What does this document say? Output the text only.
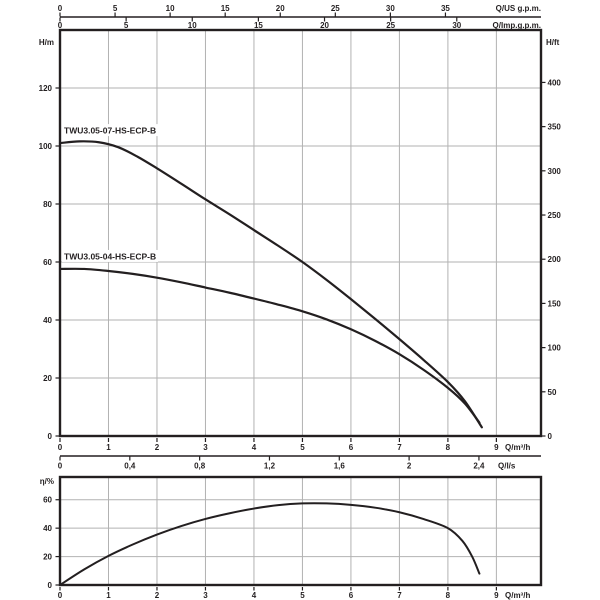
0	5	10	15	20	25	30	35	Q/US g.p.m.
0	5	10	15	20	25	30	Q/Imp.g.p.m.
H/m
0
20
40
60
80
100
120
H/ft
0
50
100
150
200
250
300
350
400
0	1	2	3	4	5	6	7	8	9 Q/m³/h
0	0,4	0,8	1,2	1,6	2	2,4 Q/l/s
TWU3.05-07-HS-ECP-B
TWU3.05-04-HS-ECP-B
η/%
0
20
40
60
0	1	2	3	4	5	6	7	8	9 Q/m³/h
